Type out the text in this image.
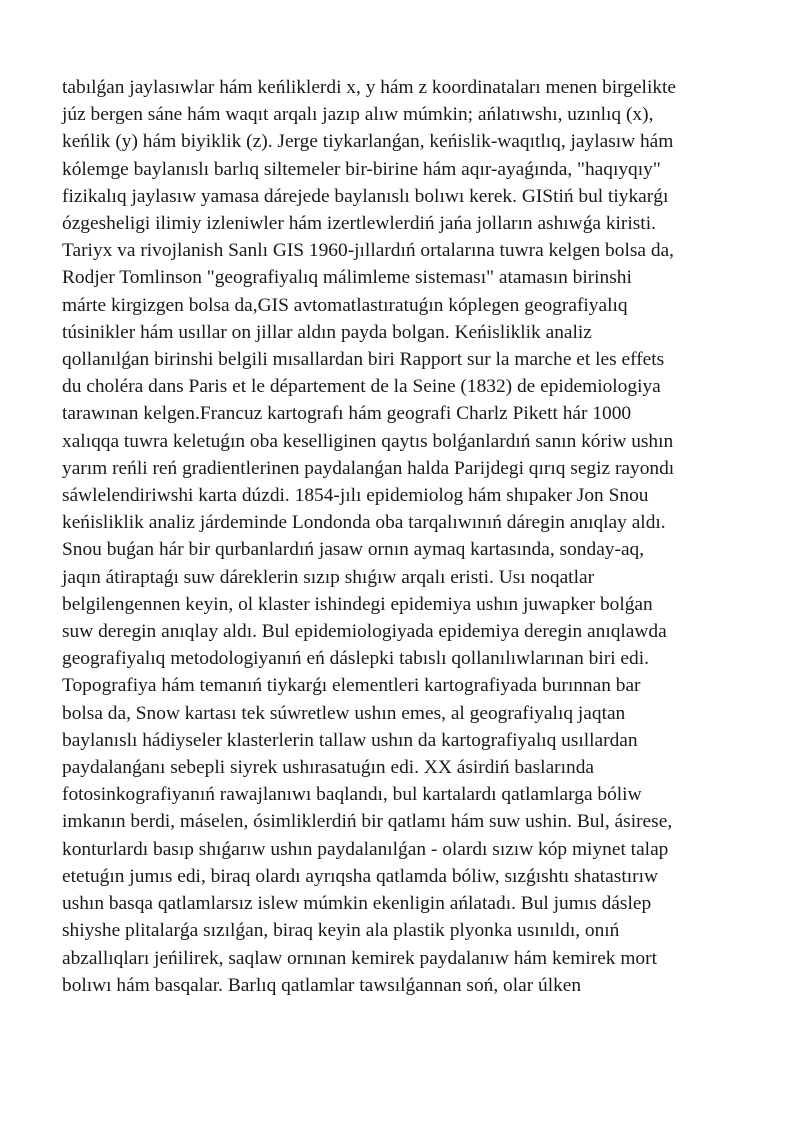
tabılǵan jaylasıwlar hám keńliklerdi x, y hám z koordinataları menen birgelikte
júz bergen sáne hám waqıt arqalı jazıp alıw múmkin; ańlatıwshı, uzınlıq (x),
keńlik (y) hám biyiklik (z). Jerge tiykarlanǵan, keńislik-waqıtlıq, jaylasıw hám
kólemge baylanıslı barlıq siltemeler bir-birine hám aqır-ayaǵında, "haqıyqıy"
fizikalıq jaylasıw yamasa dárejede baylanıslı bolıwı kerek. GIStiń bul tiykarǵı
ózgesheligi ilimiy izleniwler hám izertlewlerdiń jańa jolların ashıwǵa kiristi.
Tariyx va rivojlanish Sanlı GIS 1960-jıllardıń ortalarına tuwra kelgen bolsa da,
Rodjer Tomlinson "geografiyalıq málimleme sisteması" atamasın birinshi
márte kirgizgen bolsa da,GIS avtomatlastıratuǵın kóplegen geografiyalıq
túsinikler hám usıllar on jillar aldın payda bolgan. Keńisliklik analiz
qollanılǵan birinshi belgili mısallardan biri Rapport sur la marche et les effets
du choléra dans Paris et le département de la Seine (1832) de epidemiologiya
tarawınan kelgen.Francuz kartografı hám geografi Charlz Pikett hár 1000
xalıqqa tuwra keletuǵın oba keselliginen qaytıs bolǵanlardıń sanın kóriw ushın
yarım reńli reń gradientlerinen paydalanǵan halda Parijdegi qırıq segiz rayondı
sáwlelendiriwshi karta dúzdi. 1854-jılı epidemiolog hám shıpaker Jon Snou
keńisliklik analiz járdeminde Londonda oba tarqalıwınıń dáregin anıqlay aldı.
Snou buǵan hár bir qurbanlardıń jasaw ornın aymaq kartasında, sonday-aq,
jaqın átiraptaǵı suw dáreklerin sızıp shıǵıw arqalı eristi. Usı noqatlar
belgilengennen keyin, ol klaster ishindegi epidemiya ushın juwapker bolǵan
suw deregin anıqlay aldı. Bul epidemiologiyada epidemiya deregin anıqlawda
geografiyalıq metodologiyanıń eń dáslepki tabıslı qollanılıwlarınan biri edi.
Topografiya hám temanıń tiykarǵı elementleri kartografiyada burınnan bar
bolsa da, Snow kartası tek súwretlew ushın emes, al geografiyalıq jaqtan
baylanıslı hádiyseler klasterlerin tallaw ushın da kartografiyalıq usıllardan
paydalanǵanı sebepli siyrek ushırasatuǵın edi. XX ásirdiń baslarında
fotosinkografiyanıń rawajlanıwı baqlandı, bul kartalardı qatlamlarga bóliw
imkanın berdi, máselen, ósimliklerdiń bir qatlamı hám suw ushin. Bul, ásirese,
konturlardı basıp shıǵarıw ushın paydalanılǵan - olardı sızıw kóp miynet talap
etetuǵın jumıs edi, biraq olardı ayrıqsha qatlamda bóliw, sızǵıshtı shatastırıw
ushın basqa qatlamlarsız islew múmkin ekenligin ańlatadı. Bul jumıs dáslep
shiyshe plitalarǵa sızılǵan, biraq keyin ala plastik plyonka usınıldı, onıń
abzallıqları jeńilirek, saqlaw ornınan kemirek paydalanıw hám kemirek mort
bolıwı hám basqalar. Barlıq qatlamlar tawsılǵannan soń, olar úlken
